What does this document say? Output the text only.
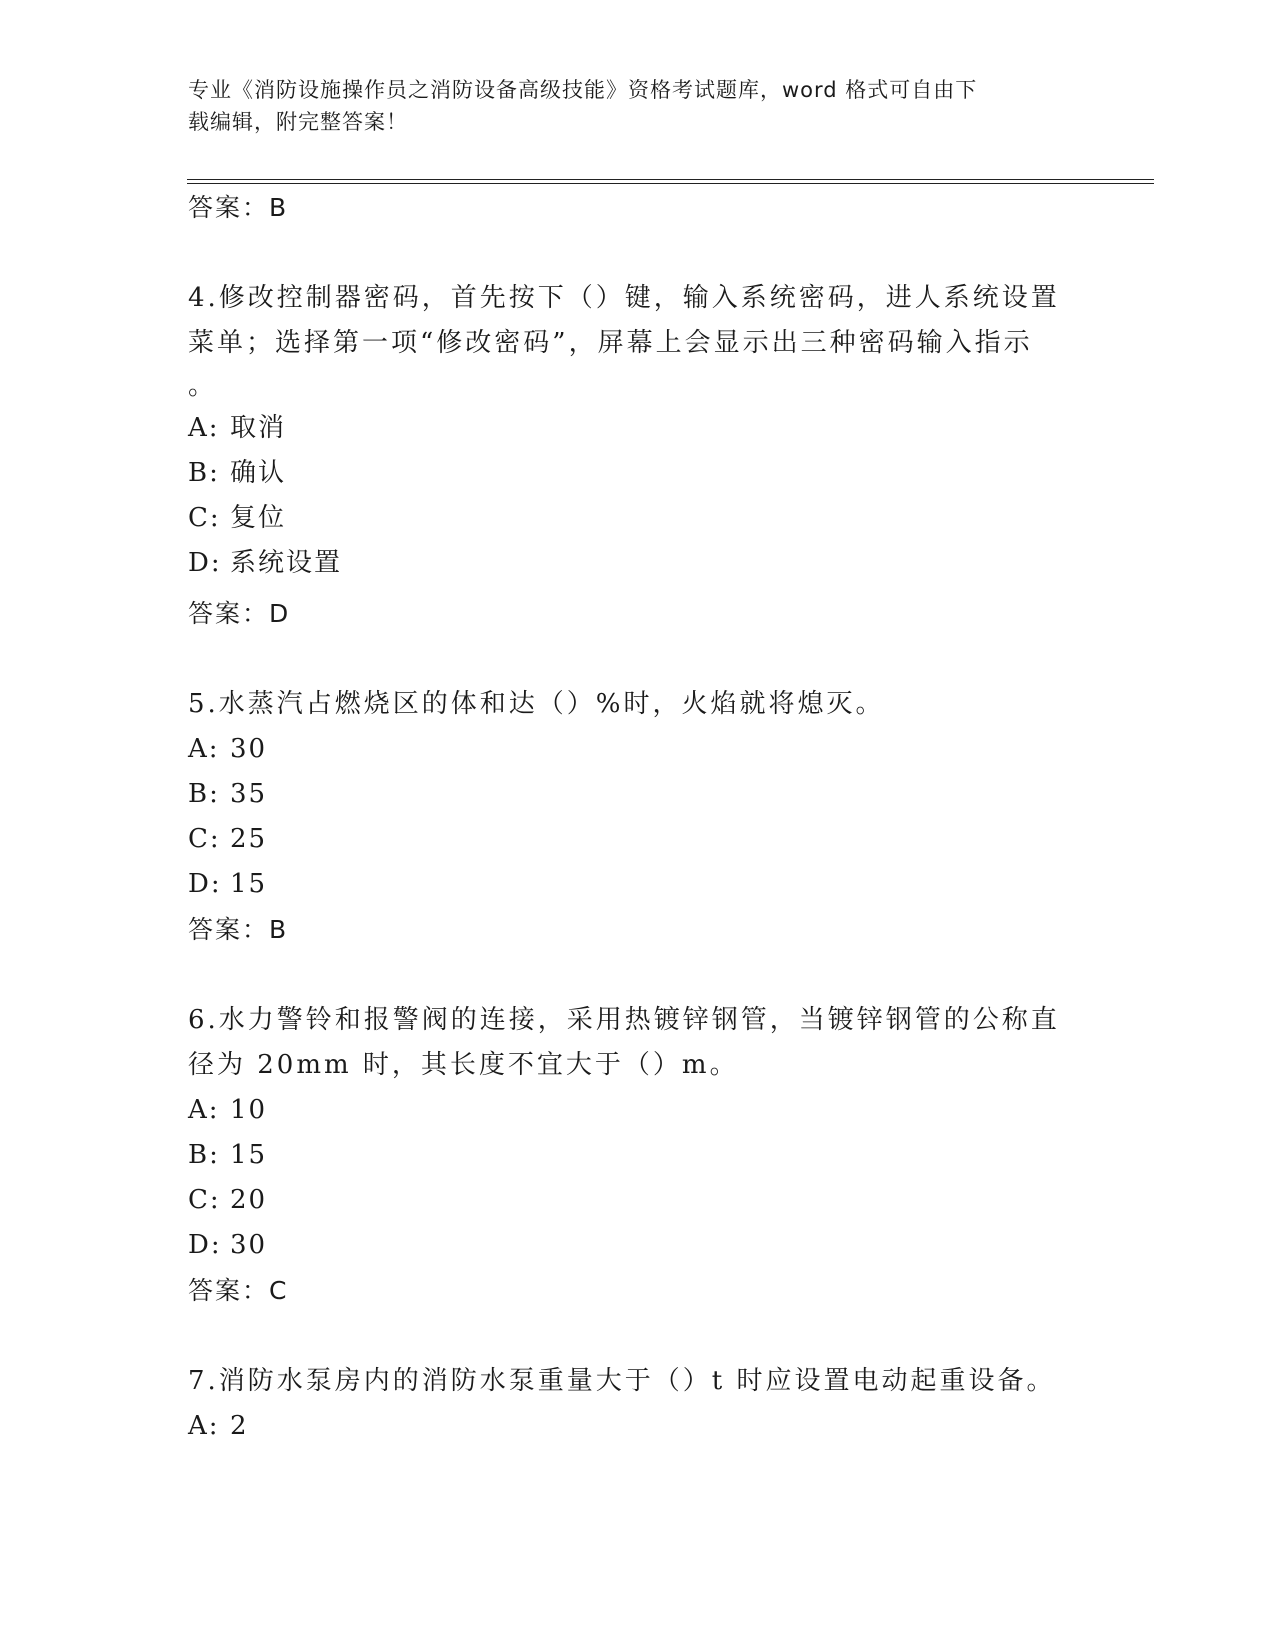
专业《消防设施操作员之消防设备高级技能》资格考试题库，word 格式可自由下
载编辑，附完整答案！
答案：B

4.修改控制器密码，首先按下（）键，输入系统密码，进人系统设置

菜单；选择第一项“修改密码”，屏幕上会显示出三种密码输入指示

。

A: 取消

B: 确认

C: 复位

D: 系统设置

答案：D

5.水蒸汽占燃烧区的体和达（）%时，火焰就将熄灭。

A: 30

B: 35

C: 25

D: 15

答案：B

6.水力警铃和报警阀的连接，采用热镀锌钢管，当镀锌钢管的公称直

径为 20mm 时，其长度不宜大于（）m。

A: 10

B: 15

C: 20

D: 30

答案：C

7.消防水泵房内的消防水泵重量大于（）t 时应设置电动起重设备。

A: 2
